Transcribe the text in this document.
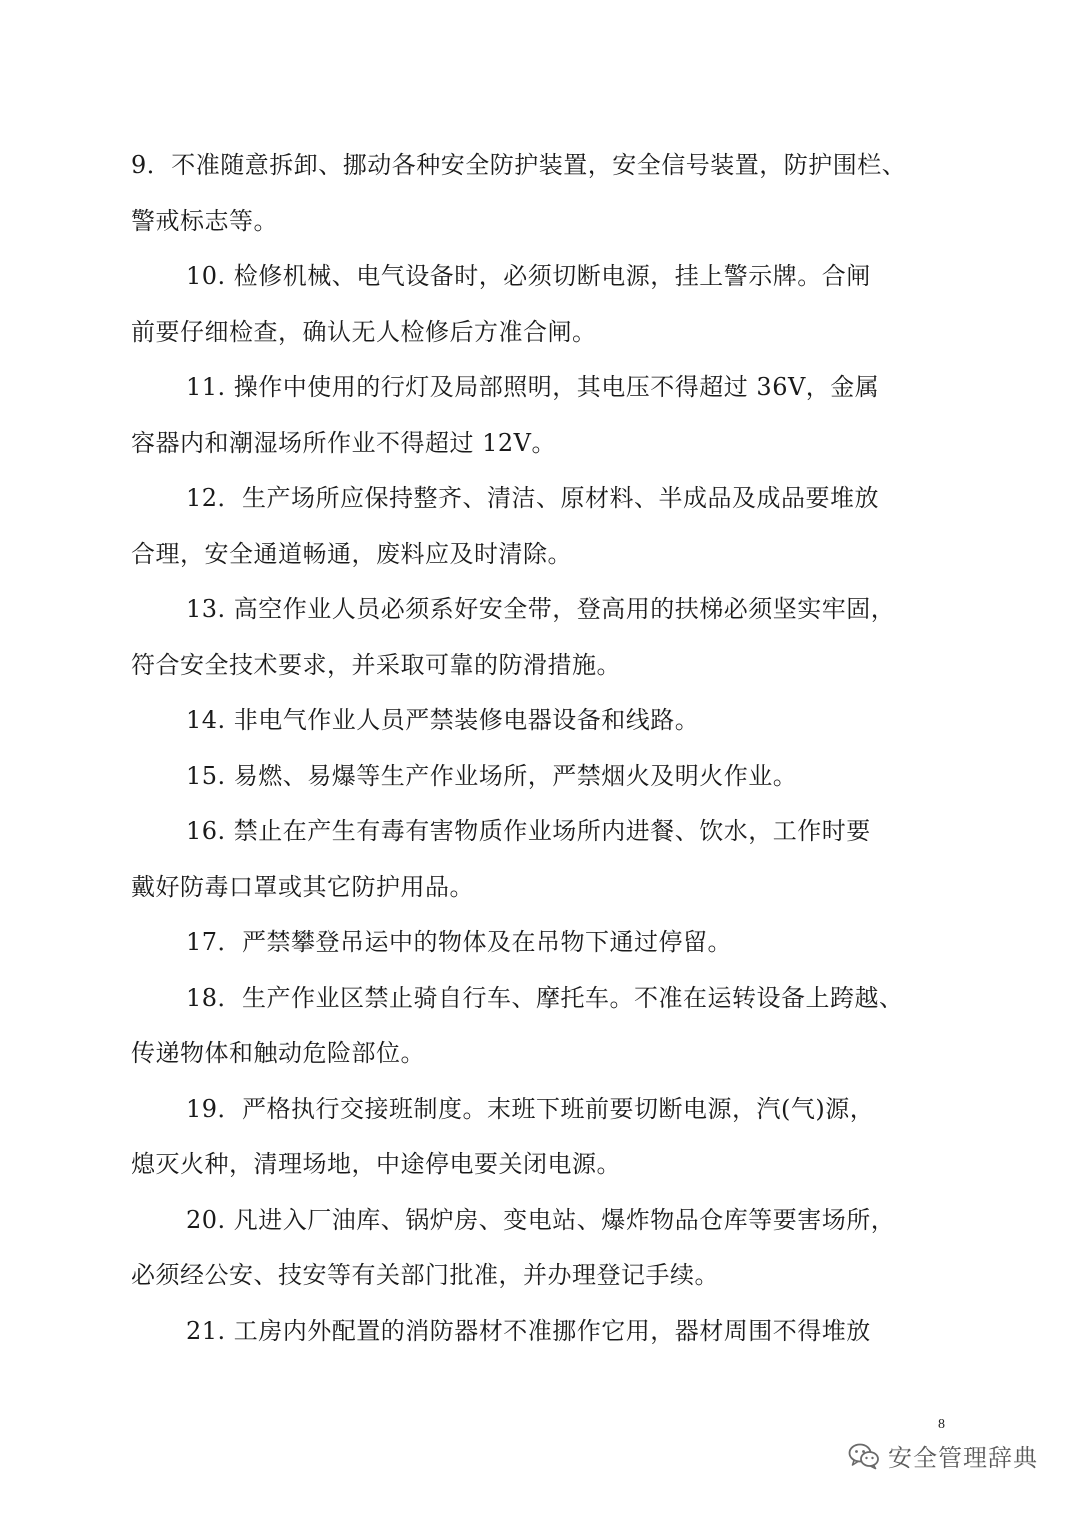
9．不准随意拆卸、挪动各种安全防护装置，安全信号装置，防护围栏、
警戒标志等。

10. 检修机械、电气设备时，必须切断电源，挂上警示牌。合闸
前要仔细检查，确认无人检修后方准合闸。

11. 操作中使用的行灯及局部照明，其电压不得超过 36V，金属
容器内和潮湿场所作业不得超过 12V。

12．生产场所应保持整齐、清洁、原材料、半成品及成品要堆放
合理，安全通道畅通，废料应及时清除。

13. 高空作业人员必须系好安全带，登高用的扶梯必须坚实牢固，
符合安全技术要求，并采取可靠的防滑措施。

14. 非电气作业人员严禁装修电器设备和线路。

15. 易燃、易爆等生产作业场所，严禁烟火及明火作业。

16. 禁止在产生有毒有害物质作业场所内进餐、饮水，工作时要
戴好防毒口罩或其它防护用品。

17．严禁攀登吊运中的物体及在吊物下通过停留。

18．生产作业区禁止骑自行车、摩托车。不准在运转设备上跨越、
传递物体和触动危险部位。

19．严格执行交接班制度。末班下班前要切断电源，汽(气)源，
熄灭火种，清理场地，中途停电要关闭电源。

20. 凡进入厂油库、锅炉房、变电站、爆炸物品仓库等要害场所，
必须经公安、技安等有关部门批准，并办理登记手续。

21. 工房内外配置的消防器材不准挪作它用，器材周围不得堆放

8
安全管理辞典
